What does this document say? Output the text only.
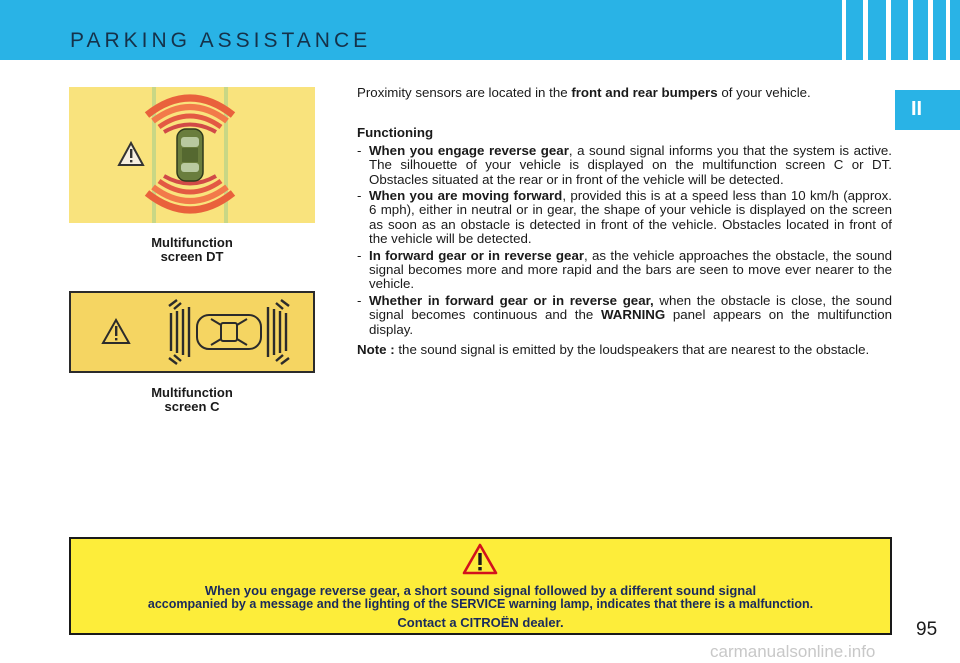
PARKING ASSISTANCE
II
Multifunction
screen DT
Multifunction
screen C

Proximity sensors are located in the front and rear bumpers of your vehicle.

Functioning

- When you engage reverse gear, a sound signal informs you that the system is active. The silhouette of your vehicle is displayed on the multifunction screen C or DT. Obstacles situated at the rear or in front of the vehicle will be detected.
- When you are moving forward, provided this is at a speed less than 10 km/h (approx. 6 mph), either in neutral or in gear, the shape of your vehicle is displayed on the screen as soon as an obstacle is detected in front of the vehicle. Obstacles located in front of the vehicle will be detected.
- In forward gear or in reverse gear, as the vehicle approaches the obstacle, the sound signal becomes more and more rapid and the bars are seen to move ever nearer to the vehicle.
- Whether in forward gear or in reverse gear, when the obstacle is close, the sound signal becomes continuous and the WARNING panel appears on the multifunction display.

Note : the sound signal is emitted by the loudspeakers that are nearest to the obstacle.

When you engage reverse gear, a short sound signal followed by a different sound signal
accompanied by a message and the lighting of the SERVICE warning lamp, indicates that there is a malfunction.
Contact a CITROËN dealer.	95
carmanualsonline.info
